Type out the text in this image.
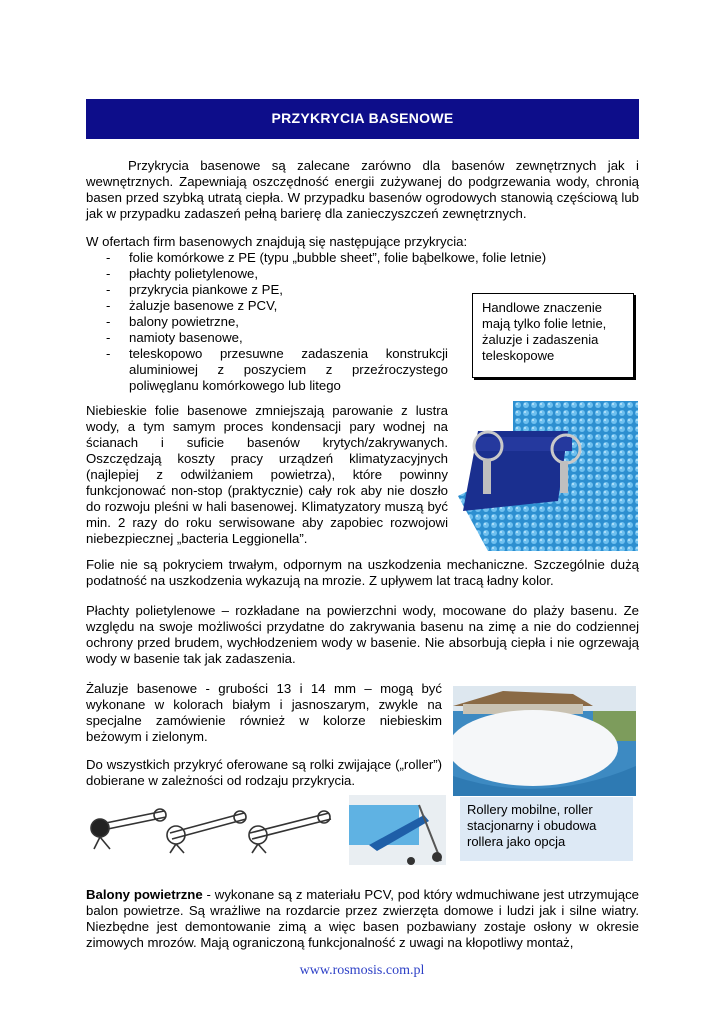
PRZYKRYCIA BASENOWE

Przykrycia basenowe są zalecane zarówno dla basenów zewnętrznych jak i wewnętrznych. Zapewniają oszczędność energii zużywanej do podgrzewania wody, chronią basen przed szybką utratą ciepła. W przypadku basenów ogrodowych stanowią częściową lub jak w przypadku zadaszeń pełną barierę dla zanieczyszczeń zewnętrznych.

W ofertach firm basenowych znajdują się następujące przykrycia:

- folie komórkowe z PE (typu „bubble sheet”, folie bąbelkowe, folie letnie)
- płachty polietylenowe,
- przykrycia piankowe z PE,
- żaluzje basenowe z PCV,
- balony powietrzne,
- namioty basenowe,
- teleskopowo przesuwne zadaszenia konstrukcji aluminiowej z poszyciem z przeźroczystego poliwęglanu komórkowego lub litego
Handlowe znaczenie mają tylko folie letnie, żaluzje i zadaszenia teleskopowe

Niebieskie folie basenowe zmniejszają parowanie z lustra wody, a tym samym proces kondensacji pary wodnej na ścianach i suficie basenów krytych/zakrywanych. Oszczędzają koszty pracy urządzeń klimatyzacyjnych (najlepiej z odwilżaniem powietrza), które powinny funkcjonować non-stop (praktycznie) cały rok aby nie doszło do rozwoju pleśni w hali basenowej. Klimatyzatory muszą być min. 2 razy do roku serwisowane aby zapobiec rozwojowi niebezpiecznej „bacteria Leggionella”.

Folie nie są pokryciem trwałym, odpornym na uszkodzenia mechaniczne. Szczególnie dużą podatność na uszkodzenia wykazują na mrozie. Z upływem lat tracą ładny kolor.

Płachty polietylenowe – rozkładane na powierzchni wody, mocowane do plaży basenu. Ze względu na swoje możliwości przydatne do zakrywania basenu na zimę a nie do codziennej ochrony przed brudem, wychłodzeniem wody w basenie. Nie absorbują ciepła i nie ogrzewają wody w basenie tak jak zadaszenia.

Żaluzje basenowe - grubości 13 i 14 mm – mogą być wykonane w kolorach białym i jasnoszarym, zwykle na specjalne zamówienie również w kolorze niebieskim beżowym i zielonym.

Do wszystkich przykryć oferowane są rolki zwijające („roller”) dobierane w zależności od rodzaju przykrycia.

Rollery mobilne, roller stacjonarny i obudowa rollera jako opcja

Balony powietrzne - wykonane są z materiału PCV, pod który wdmuchiwane jest utrzymujące balon powietrze. Są wrażliwe na rozdarcie przez zwierzęta domowe i ludzi jak i silne wiatry. Niezbędne jest demontowanie zimą a więc basen pozbawiany zostaje osłony w okresie zimowych mrozów. Mają ograniczoną funkcjonalność z uwagi na kłopotliwy montaż,

www.rosmosis.com.pl
